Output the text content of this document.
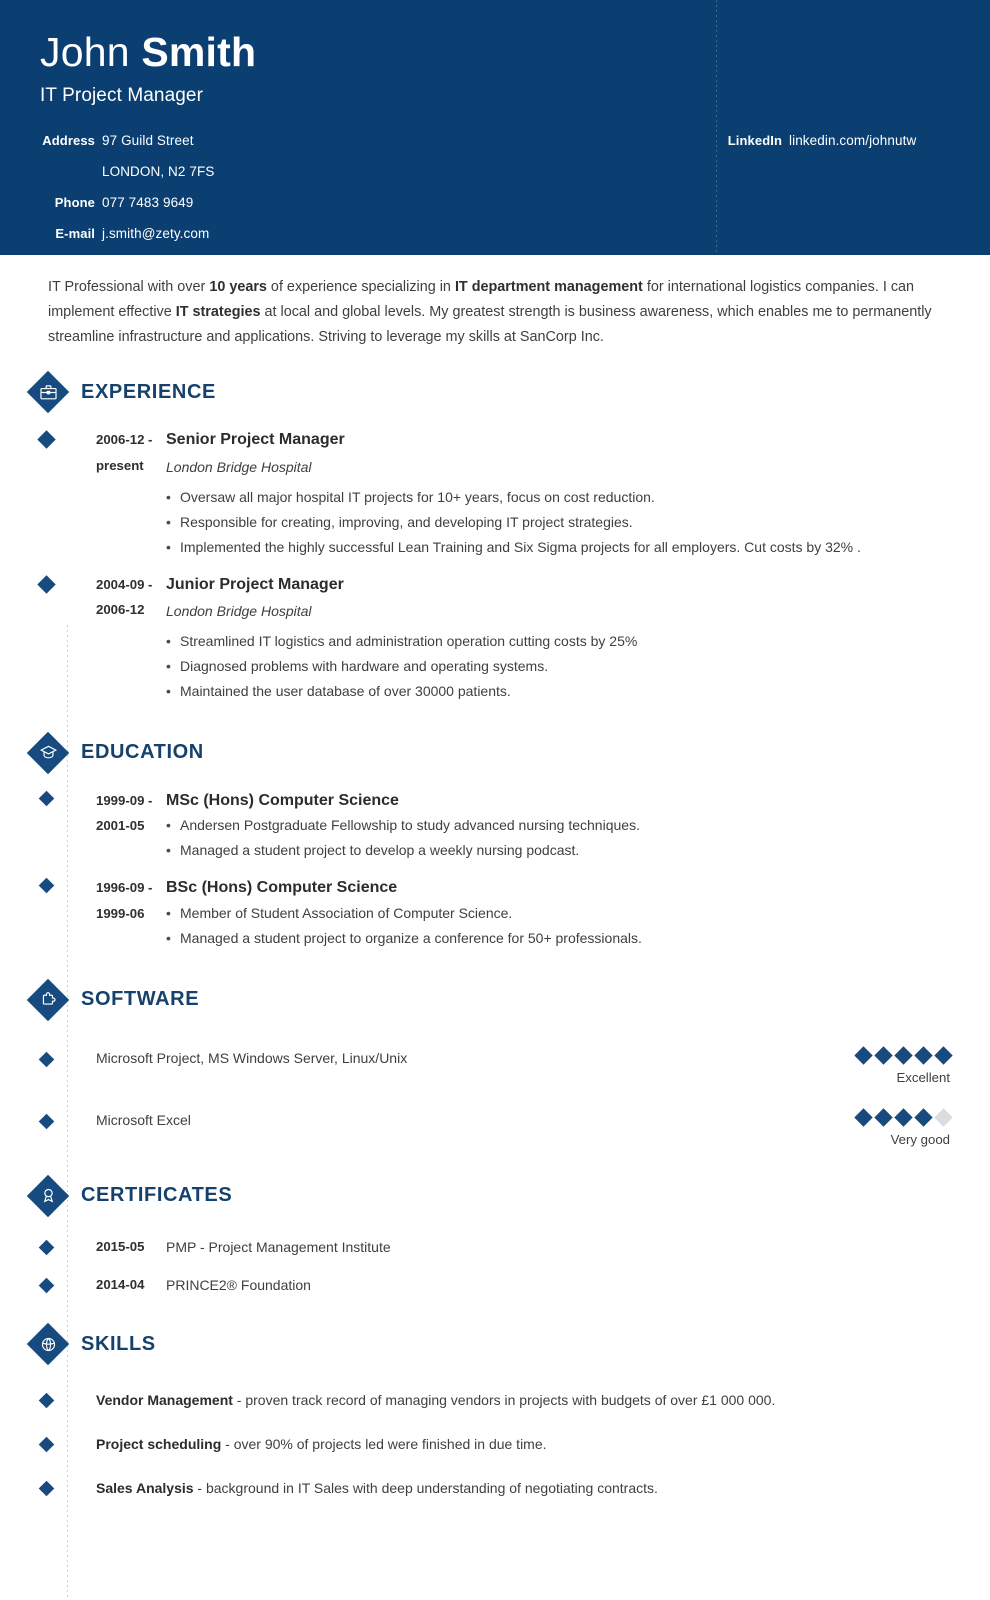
John Smith
IT Project Manager
Address 97 Guild Street
LONDON, N2 7FS
Phone 077 7483 9649
E-mail j.smith@zety.com
LinkedIn linkedin.com/johnutw

IT Professional with over 10 years of experience specializing in IT department management for international logistics companies. I can implement effective IT strategies at local and global levels. My greatest strength is business awareness, which enables me to permanently streamline infrastructure and applications. Striving to leverage my skills at SanCorp Inc.

EXPERIENCE
2006-12 -
present
Senior Project Manager
London Bridge Hospital
• Oversaw all major hospital IT projects for 10+ years, focus on cost reduction.
• Responsible for creating, improving, and developing IT project strategies.
• Implemented the highly successful Lean Training and Six Sigma projects for all employers. Cut costs by 32% .
2004-09 -
2006-12
Junior Project Manager
London Bridge Hospital
• Streamlined IT logistics and administration operation cutting costs by 25%
• Diagnosed problems with hardware and operating systems.
• Maintained the user database of over 30000 patients.
EDUCATION
1999-09 -
2001-05
MSc (Hons) Computer Science
• Andersen Postgraduate Fellowship to study advanced nursing techniques.
• Managed a student project to develop a weekly nursing podcast.
1996-09 -
1999-06
BSc (Hons) Computer Science
• Member of Student Association of Computer Science.
• Managed a student project to organize a conference for 50+ professionals.
SOFTWARE
Microsoft Project, MS Windows Server, Linux/Unix
Excellent
Microsoft Excel
Very good
CERTIFICATES
2015-05	PMP - Project Management Institute
2014-04	PRINCE2® Foundation
SKILLS
Vendor Management - proven track record of managing vendors in projects with budgets of over £1 000 000.
Project scheduling - over 90% of projects led were finished in due time.
Sales Analysis - background in IT Sales with deep understanding of negotiating contracts.
